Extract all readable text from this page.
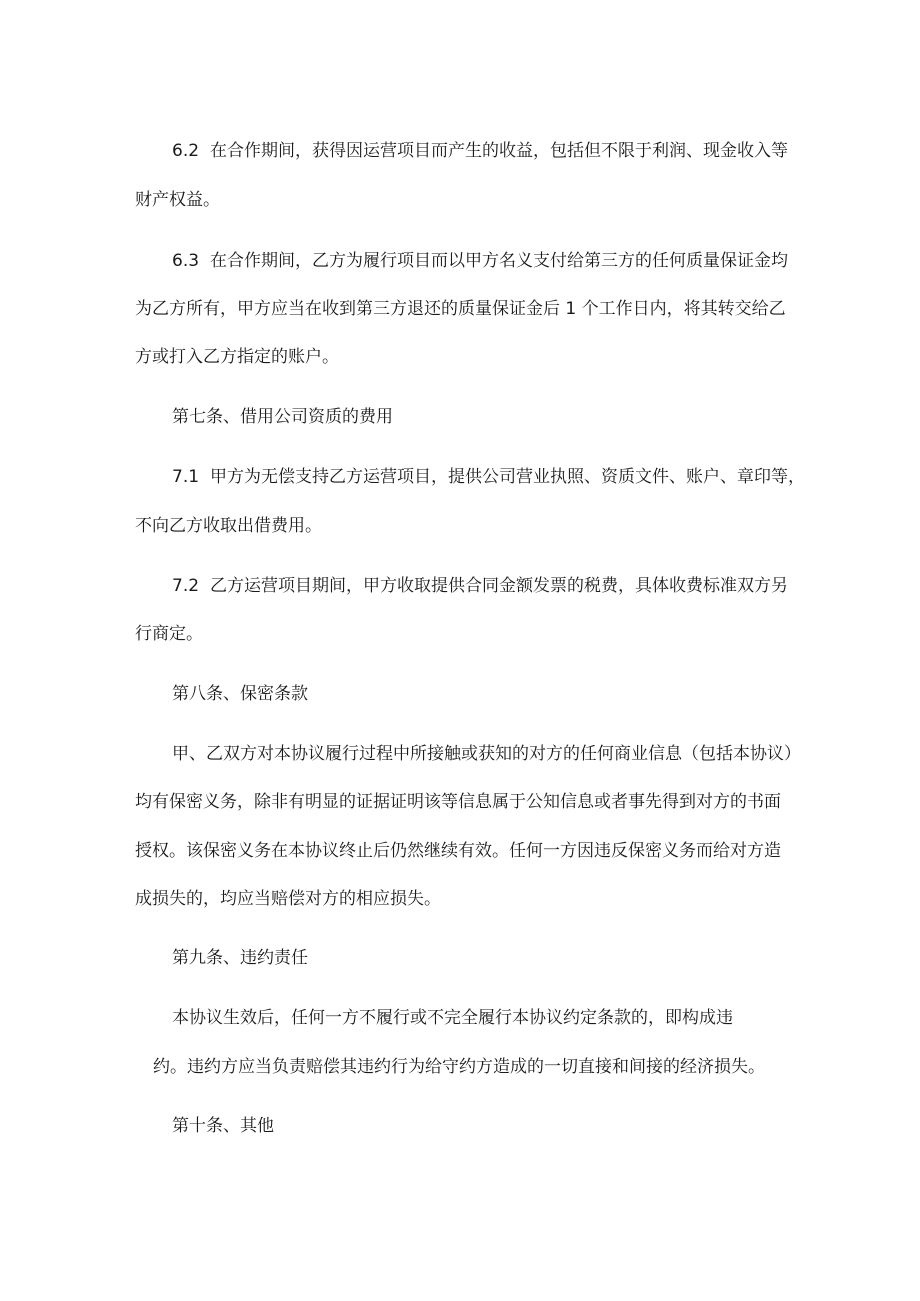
6.2 在合作期间，获得因运营项目而产生的收益，包括但不限于利润、现金收入等
财产权益。
6.3 在合作期间，乙方为履行项目而以甲方名义支付给第三方的任何质量保证金均
为乙方所有，甲方应当在收到第三方退还的质量保证金后 1 个工作日内，将其转交给乙
方或打入乙方指定的账户。
第七条、借用公司资质的费用
7.1 甲方为无偿支持乙方运营项目，提供公司营业执照、资质文件、账户、章印等，
不向乙方收取出借费用。
7.2 乙方运营项目期间，甲方收取提供合同金额发票的税费，具体收费标准双方另
行商定。
第八条、保密条款
甲、乙双方对本协议履行过程中所接触或获知的对方的任何商业信息（包括本协议）
均有保密义务，除非有明显的证据证明该等信息属于公知信息或者事先得到对方的书面
授权。该保密义务在本协议终止后仍然继续有效。任何一方因违反保密义务而给对方造
成损失的，均应当赔偿对方的相应损失。
第九条、违约责任
本协议生效后，任何一方不履行或不完全履行本协议约定条款的，即构成违
约。违约方应当负责赔偿其违约行为给守约方造成的一切直接和间接的经济损失。
第十条、其他
